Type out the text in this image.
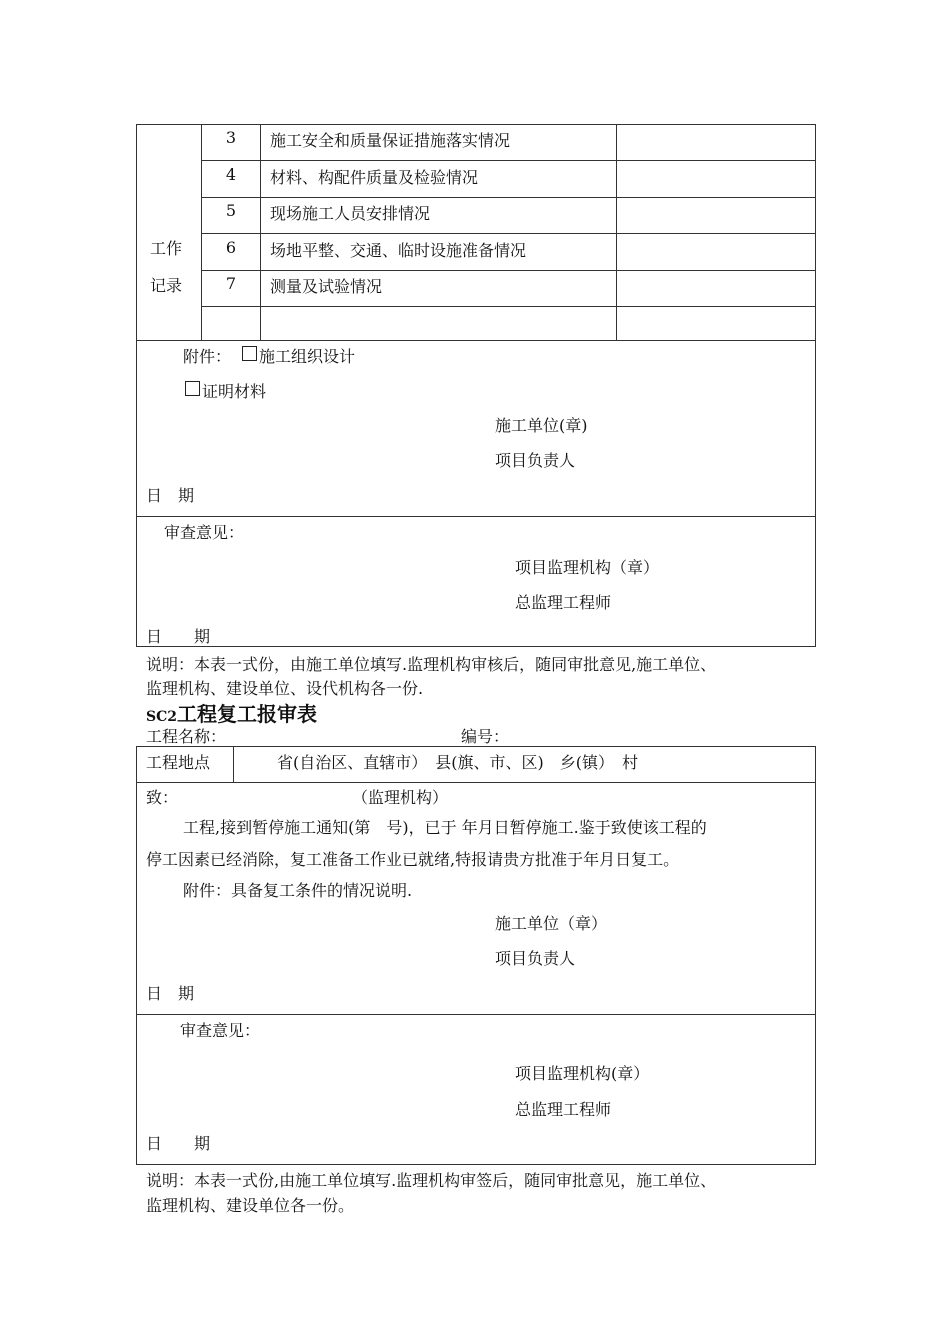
工作
记录
3	施工安全和质量保证措施落实情况
4	材料、构配件质量及检验情况
5	现场施工人员安排情况
6	场地平整、交通、临时设施准备情况
7	测量及试验情况
附件： 施工组织设计
证明材料
施工单位(章)
项目负责人
日　期
审查意见：
项目监理机构（章）
总监理工程师
日　　期
说明：本表一式份，由施工单位填写.监理机构审核后，随同审批意见,施工单位、
监理机构、建设单位、设代机构各一份.
SC2工程复工报审表
工程名称：	编号：
工程地点	省(自治区、直辖市）　县(旗、市、区)　乡(镇）　村
致：	（监理机构）
工程,接到暂停施工通知(第　号)，已于 年月日暂停施工.鉴于致使该工程的
停工因素已经消除，复工准备工作业已就绪,特报请贵方批准于年月日复工。
附件：具备复工条件的情况说明.
施工单位（章）
项目负责人
日　期
审查意见：
项目监理机构(章）
总监理工程师
日　　期
说明：本表一式份,由施工单位填写.监理机构审签后，随同审批意见，施工单位、
监理机构、建设单位各一份。
